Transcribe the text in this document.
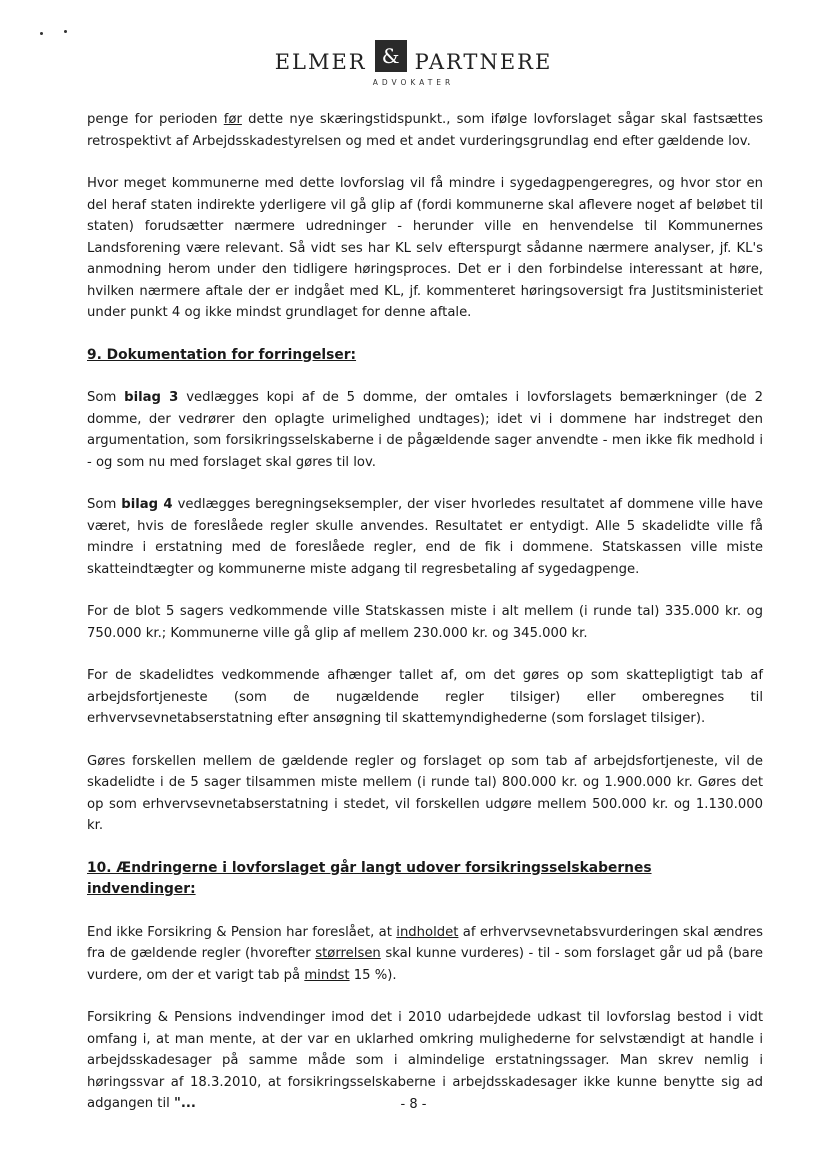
ELMER & PARTNERE
ADVOKATER

penge for perioden før dette nye skæringstidspunkt., som ifølge lovforslaget sågar skal fastsættes retrospektivt af Arbejdsskadestyrelsen og med et andet vurderingsgrundlag end efter gældende lov.

Hvor meget kommunerne med dette lovforslag vil få mindre i sygedagpengeregres, og hvor stor en del heraf staten indirekte yderligere vil gå glip af (fordi kommunerne skal aflevere noget af beløbet til staten) forudsætter nærmere udredninger - herunder ville en henvendelse til Kommunernes Landsforening være relevant. Så vidt ses har KL selv efterspurgt sådanne nærmere analyser, jf. KL's anmodning herom under den tidligere høringsproces. Det er i den forbindelse interessant at høre, hvilken nærmere aftale der er indgået med KL, jf. kommenteret høringsoversigt fra Justitsministeriet under punkt 4 og ikke mindst grundlaget for denne aftale.

9. Dokumentation for forringelser:

Som bilag 3 vedlægges kopi af de 5 domme, der omtales i lovforslagets bemærkninger (de 2 domme, der vedrører den oplagte urimelighed undtages); idet vi i dommene har indstreget den argumentation, som forsikringsselskaberne i de pågældende sager anvendte - men ikke fik medhold i - og som nu med forslaget skal gøres til lov.

Som bilag 4 vedlægges beregningseksempler, der viser hvorledes resultatet af dommene ville have været, hvis de foreslåede regler skulle anvendes. Resultatet er entydigt. Alle 5 skadelidte ville få mindre i erstatning med de foreslåede regler, end de fik i dommene. Statskassen ville miste skatteindtægter og kommunerne miste adgang til regresbetaling af sygedagpenge.

For de blot 5 sagers vedkommende ville Statskassen miste i alt mellem (i runde tal) 335.000 kr. og 750.000 kr.; Kommunerne ville gå glip af mellem 230.000 kr. og 345.000 kr.

For de skadelidtes vedkommende afhænger tallet af, om det gøres op som skattepligtigt tab af arbejdsfortjeneste (som de nugældende regler tilsiger) eller omberegnes til erhvervsevnetabserstatning efter ansøgning til skattemyndighederne (som forslaget tilsiger).

Gøres forskellen mellem de gældende regler og forslaget op som tab af arbejdsfortjeneste, vil de skadelidte i de 5 sager tilsammen miste mellem (i runde tal) 800.000 kr. og 1.900.000 kr. Gøres det op som erhvervsevnetabserstatning i stedet, vil forskellen udgøre mellem 500.000 kr. og 1.130.000 kr.

10. Ændringerne i lovforslaget går langt udover forsikringsselskabernes indvendinger:

End ikke Forsikring & Pension har foreslået, at indholdet af erhvervsevnetabsvurderingen skal ændres fra de gældende regler (hvorefter størrelsen skal kunne vurderes) - til - som forslaget går ud på (bare vurdere, om der et varigt tab på mindst 15 %).

Forsikring & Pensions indvendinger imod det i 2010 udarbejdede udkast til lovforslag bestod i vidt omfang i, at man mente, at der var en uklarhed omkring mulighederne for selvstændigt at handle i arbejdsskadesager på samme måde som i almindelige erstatningssager. Man skrev nemlig i høringssvar af 18.3.2010, at forsikringsselskaberne i arbejdsskadesager ikke kunne benytte sig ad adgangen til "...	- 8 -
